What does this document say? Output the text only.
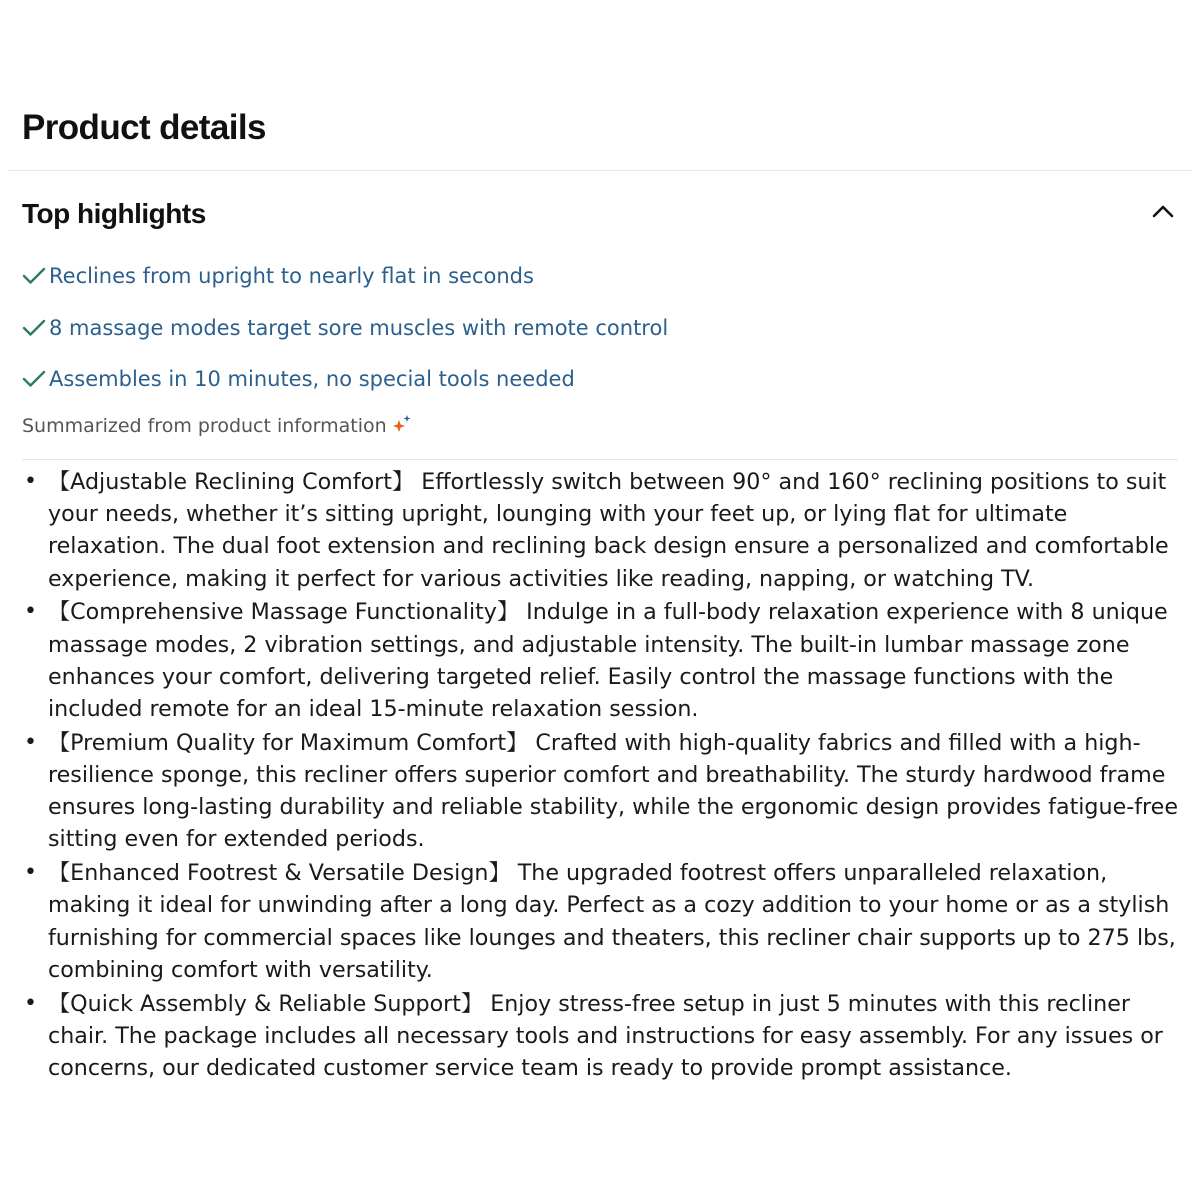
Product details
Top highlights
Reclines from upright to nearly flat in seconds
8 massage modes target sore muscles with remote control
Assembles in 10 minutes, no special tools needed
Summarized from product information
• 【Adjustable Reclining Comfort】 Effortlessly switch between 90° and 160° reclining positions to suit your needs, whether it’s sitting upright, lounging with your feet up, or lying flat for ultimate relaxation. The dual foot extension and reclining back design ensure a personalized and comfortable experience, making it perfect for various activities like reading, napping, or watching TV.
• 【Comprehensive Massage Functionality】 Indulge in a full-body relaxation experience with 8 unique massage modes, 2 vibration settings, and adjustable intensity. The built-in lumbar massage zone enhances your comfort, delivering targeted relief. Easily control the massage functions with the included remote for an ideal 15-minute relaxation session.
• 【Premium Quality for Maximum Comfort】 Crafted with high-quality fabrics and filled with a high-resilience sponge, this recliner offers superior comfort and breathability. The sturdy hardwood frame ensures long-lasting durability and reliable stability, while the ergonomic design provides fatigue-free sitting even for extended periods.
• 【Enhanced Footrest & Versatile Design】 The upgraded footrest offers unparalleled relaxation, making it ideal for unwinding after a long day. Perfect as a cozy addition to your home or as a stylish furnishing for commercial spaces like lounges and theaters, this recliner chair supports up to 275 lbs, combining comfort with versatility.
• 【Quick Assembly & Reliable Support】 Enjoy stress-free setup in just 5 minutes with this recliner chair. The package includes all necessary tools and instructions for easy assembly. For any issues or concerns, our dedicated customer service team is ready to provide prompt assistance.
